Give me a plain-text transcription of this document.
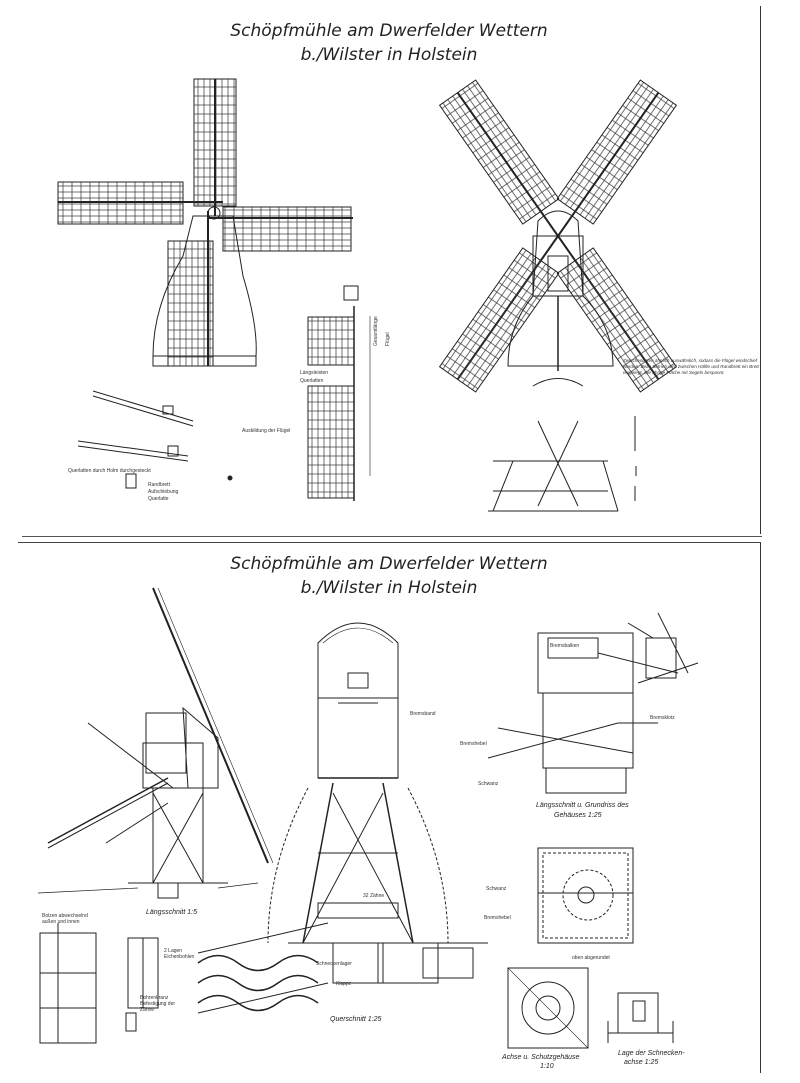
Schöpfmühle am Dwerfelder Wettern
b./Wilster in Holstein
Ausbildung der Flügel
Querlatten durch Holm durchgesteckt
Randbrett
Aufschiebung
Querlatte
Längsleisten
Querlatten
Gesamtlänge Flügel
Zwischenlatten ähnlich auswähnlich, sodass die Flügel windschief werden. Beim Betrieb wird zwischen Hälfte und Randbrett ein Brett eingelegt. Die übrige Fläche mit Segeln bespannt.
Schöpfmühle am Dwerfelder Wettern
b./Wilster in Holstein
Längsschnitt 1:5
Querschnitt 1:25
Längsschnitt u. Grundriss des
Gehäuses 1:25
Achse u. Schutzgehäuse
1:10
Lage der Schnecken-
achse 1:25
Bremsband
Bremsklotz
Bremshebel
Schwanz
Schwanz
Bremshebel
Bremsbalken
Schneckenlager
Klappe
32 Zähne
Bolzen abwechselnd außen und innen
2 Lagen Eichenbohlen
Bohrenkranz Befestigung der Zähne
oben abgerundet
